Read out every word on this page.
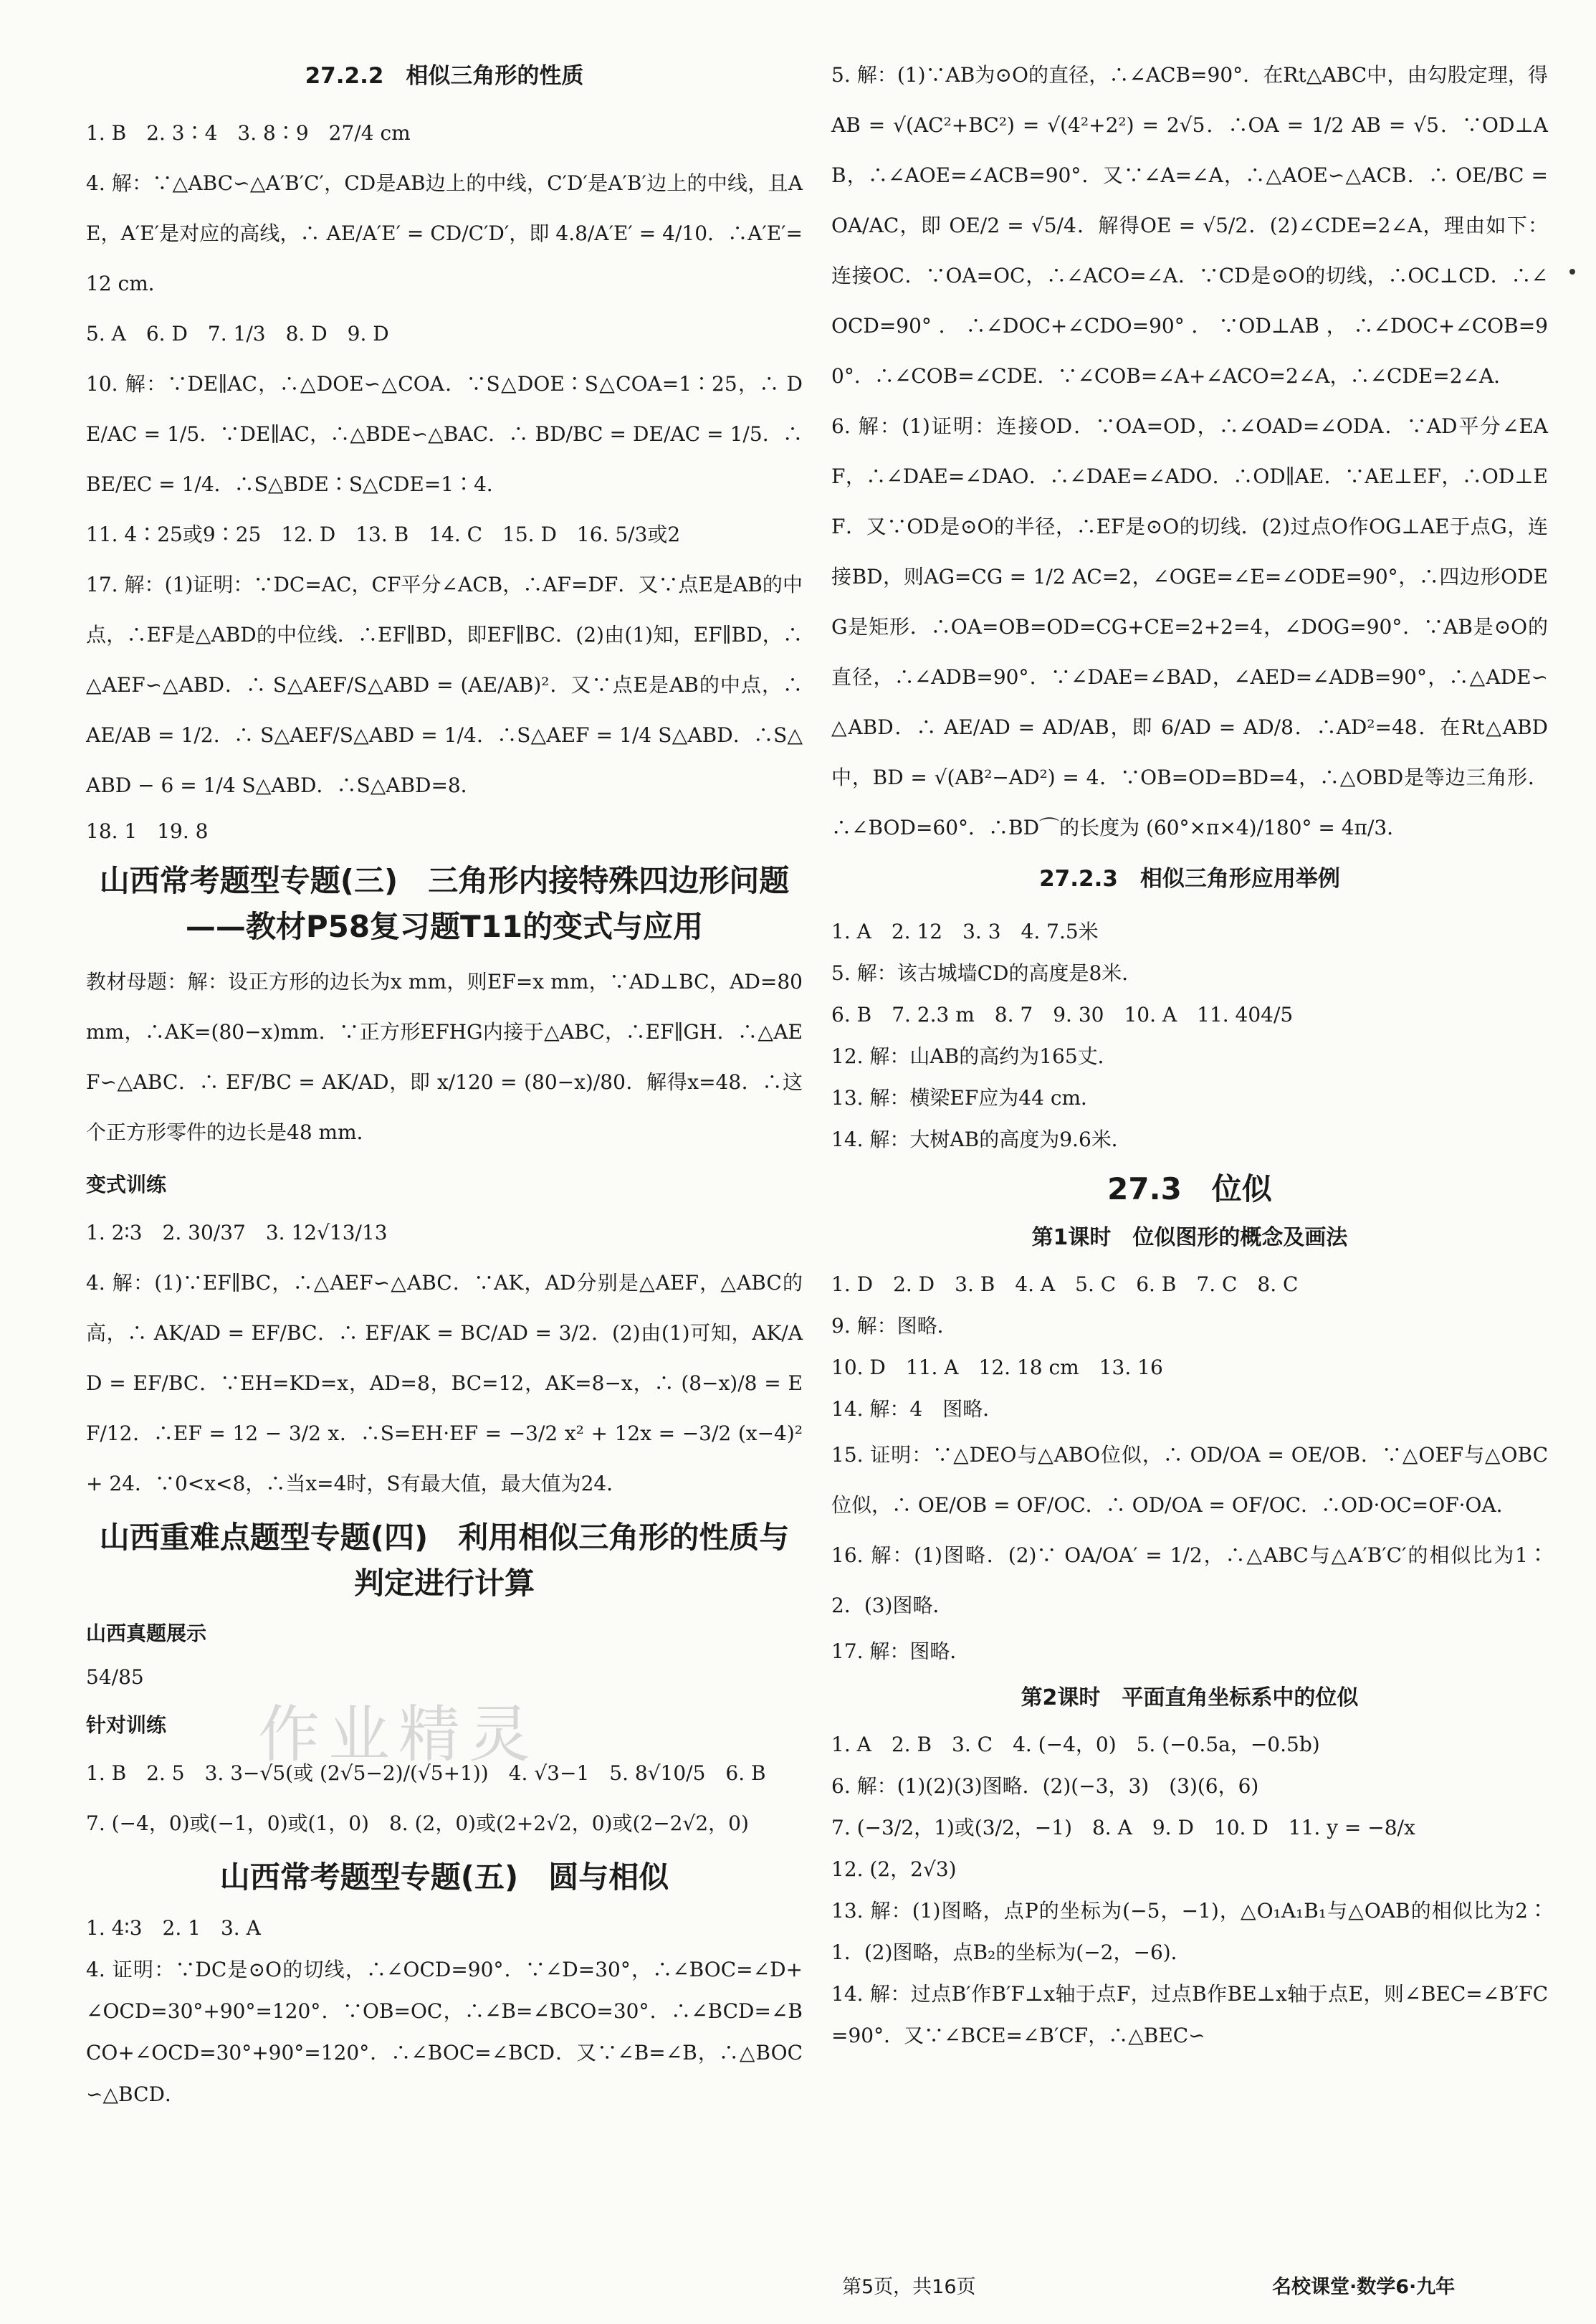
27.2.2　相似三角形的性质

1. B　2. 3∶4　3. 8∶9　27/4 cm

4. 解：∵△ABC∽△A′B′C′，CD是AB边上的中线，C′D′是A′B′边上的中线，且AE，A′E′是对应的高线，∴ AE/A′E′ = CD/C′D′，即 4.8/A′E′ = 4/10．∴A′E′=12 cm．

5. A　6. D　7. 1/3　8. D　9. D

10. 解：∵DE∥AC，∴△DOE∽△COA．∵S△DOE∶S△COA=1∶25，∴ DE/AC = 1/5．∵DE∥AC，∴△BDE∽△BAC．∴ BD/BC = DE/AC = 1/5．∴ BE/EC = 1/4．∴S△BDE∶S△CDE=1∶4．

11. 4∶25或9∶25　12. D　13. B　14. C　15. D　16. 5/3或2

17. 解：(1)证明：∵DC=AC，CF平分∠ACB，∴AF=DF．又∵点E是AB的中点，∴EF是△ABD的中位线．∴EF∥BD，即EF∥BC．(2)由(1)知，EF∥BD，∴△AEF∽△ABD．∴ S△AEF/S△ABD = (AE/AB)²．又∵点E是AB的中点，∴ AE/AB = 1/2．∴ S△AEF/S△ABD = 1/4．∴S△AEF = 1/4 S△ABD．∴S△ABD − 6 = 1/4 S△ABD．∴S△ABD=8．

18. 1　19. 8

山西常考题型专题(三)　三角形内接特殊四边形问题 ——教材P58复习题T11的变式与应用

教材母题：解：设正方形的边长为x mm，则EF=x mm，∵AD⊥BC，AD=80 mm，∴AK=(80−x)mm．∵正方形EFHG内接于△ABC，∴EF∥GH．∴△AEF∽△ABC．∴ EF/BC = AK/AD，即 x/120 = (80−x)/80．解得x=48．∴这个正方形零件的边长是48 mm．

变式训练

1. 2∶3　2. 30/37　3. 12√13/13

4. 解：(1)∵EF∥BC，∴△AEF∽△ABC．∵AK，AD分别是△AEF，△ABC的高，∴ AK/AD = EF/BC．∴ EF/AK = BC/AD = 3/2．(2)由(1)可知，AK/AD = EF/BC．∵EH=KD=x，AD=8，BC=12，AK=8−x，∴ (8−x)/8 = EF/12．∴EF = 12 − 3/2 x．∴S=EH·EF = −3/2 x² + 12x = −3/2 (x−4)² + 24．∵0<x<8，∴当x=4时，S有最大值，最大值为24．

山西重难点题型专题(四)　利用相似三角形的性质与判定进行计算
山西真题展示

54/85

针对训练

1. B　2. 5　3. 3−√5(或 (2√5−2)/(√5+1))　4. √3−1　5. 8√10/5　6. B

7. (−4，0)或(−1，0)或(1，0)　8. (2，0)或(2+2√2，0)或(2−2√2，0)

山西常考题型专题(五)　圆与相似

1. 4∶3　2. 1　3. A

4. 证明：∵DC是⊙O的切线，∴∠OCD=90°．∵∠D=30°，∴∠BOC=∠D+∠OCD=30°+90°=120°．∵OB=OC，∴∠B=∠BCO=30°．∴∠BCD=∠BCO+∠OCD=30°+90°=120°．∴∠BOC=∠BCD．又∵∠B=∠B，∴△BOC∽△BCD．

5. 解：(1)∵AB为⊙O的直径，∴∠ACB=90°．在Rt△ABC中，由勾股定理，得AB = √(AC²+BC²) = √(4²+2²) = 2√5．∴OA = 1/2 AB = √5．∵OD⊥AB，∴∠AOE=∠ACB=90°．又∵∠A=∠A，∴△AOE∽△ACB．∴ OE/BC = OA/AC，即 OE/2 = √5/4．解得OE = √5/2．(2)∠CDE=2∠A，理由如下：连接OC．∵OA=OC，∴∠ACO=∠A．∵CD是⊙O的切线，∴OC⊥CD．∴∠OCD=90°．∴∠DOC+∠CDO=90°．∵OD⊥AB，∴∠DOC+∠COB=90°．∴∠COB=∠CDE．∵∠COB=∠A+∠ACO=2∠A，∴∠CDE=2∠A．

6. 解：(1)证明：连接OD．∵OA=OD，∴∠OAD=∠ODA．∵AD平分∠EAF，∴∠DAE=∠DAO．∴∠DAE=∠ADO．∴OD∥AE．∵AE⊥EF，∴OD⊥EF．又∵OD是⊙O的半径，∴EF是⊙O的切线．(2)过点O作OG⊥AE于点G，连接BD，则AG=CG = 1/2 AC=2，∠OGE=∠E=∠ODE=90°，∴四边形ODEG是矩形．∴OA=OB=OD=CG+CE=2+2=4，∠DOG=90°．∵AB是⊙O的直径，∴∠ADB=90°．∵∠DAE=∠BAD，∠AED=∠ADB=90°，∴△ADE∽△ABD．∴ AE/AD = AD/AB，即 6/AD = AD/8．∴AD²=48．在Rt△ABD中，BD = √(AB²−AD²) = 4．∵OB=OD=BD=4，∴△OBD是等边三角形．∴∠BOD=60°．∴BD⌒的长度为 (60°×π×4)/180° = 4π/3．

27.2.3　相似三角形应用举例

1. A　2. 12　3. 3　4. 7.5米

5. 解：该古城墙CD的高度是8米．

6. B　7. 2.3 m　8. 7　9. 30　10. A　11. 404/5

12. 解：山AB的高约为165丈．

13. 解：横梁EF应为44 cm．

14. 解：大树AB的高度为9.6米．

27.3　位似
第1课时　位似图形的概念及画法

1. D　2. D　3. B　4. A　5. C　6. B　7. C　8. C

9. 解：图略．

10. D　11. A　12. 18 cm　13. 16

14. 解：4　图略．

15. 证明：∵△DEO与△ABO位似，∴ OD/OA = OE/OB．∵△OEF与△OBC位似，∴ OE/OB = OF/OC．∴ OD/OA = OF/OC．∴OD·OC=OF·OA．

16. 解：(1)图略．(2)∵ OA/OA′ = 1/2，∴△ABC与△A′B′C′的相似比为1∶2．(3)图略．

17. 解：图略．

第2课时　平面直角坐标系中的位似

1. A　2. B　3. C　4. (−4，0)　5. (−0.5a，−0.5b)

6. 解：(1)(2)(3)图略．(2)(−3，3)　(3)(6，6)

7. (−3/2，1)或(3/2，−1)　8. A　9. D　10. D　11. y = −8/x

12. (2，2√3)

13. 解：(1)图略，点P的坐标为(−5，−1)，△O₁A₁B₁与△OAB的相似比为2∶1．(2)图略，点B₂的坐标为(−2，−6)．

14. 解：过点B′作B′F⊥x轴于点F，过点B作BE⊥x轴于点E，则∠BEC=∠B′FC=90°．又∵∠BCE=∠B′CF，∴△BEC∽

作业精灵
第5页，共16页	名校课堂·数学6·九年
